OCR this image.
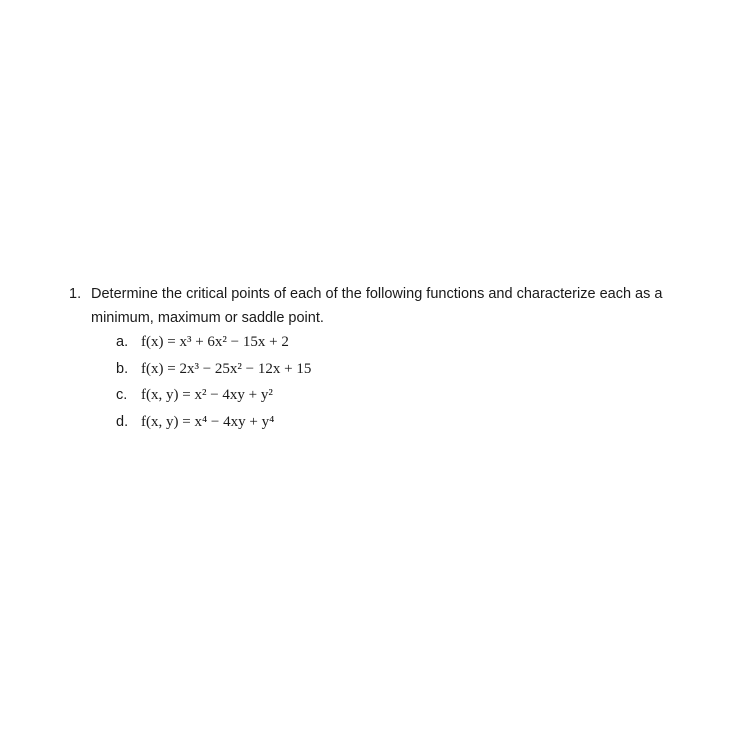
1. Determine the critical points of each of the following functions and characterize each as a minimum, maximum or saddle point.
a. f(x) = x³ + 6x² − 15x + 2
b. f(x) = 2x³ − 25x² − 12x + 15
c. f(x, y) = x² − 4xy + y²
d. f(x, y) = x⁴ − 4xy + y⁴
